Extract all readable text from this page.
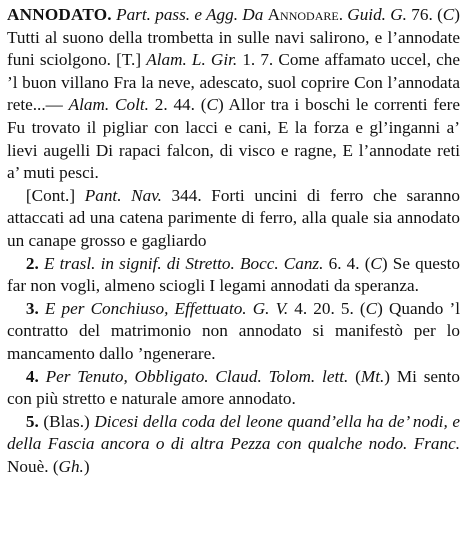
ANNODATO. Part. pass. e Agg. Da Annodare. Guid. G. 76. (C) Tutti al suono della trombetta in sulle navi salirono, e l’annodate funi sciolgono. [T.] Alam. L. Gir. 1. 7. Come affamato uccel, che ’l buon villano Fra la neve, adescato, suol coprire Con l’annodata rete...— Alam. Colt. 2. 44. (C) Allor tra i boschi le correnti fere Fu trovato il pigliar con lacci e cani, E la forza e gl’inganni a’ lievi augelli Di rapaci falcon, di visco e ragne, E l’annodate reti a’ muti pesci.

[Cont.] Pant. Nav. 344. Forti uncini di ferro che saranno attaccati ad una catena parimente di ferro, alla quale sia annodato un canape grosso e gagliardo

2. E trasl. in signif. di Stretto. Bocc. Canz. 6. 4. (C) Se questo far non vogli, almeno sciogli I legami annodati da speranza.

3. E per Conchiuso, Effettuato. G. V. 4. 20. 5. (C) Quando ’l contratto del matrimonio non annodato si manifestò per lo mancamento dallo ’ngenerare.

4. Per Tenuto, Obbligato. Claud. Tolom. lett. (Mt.) Mi sento con più stretto e naturale amore annodato.

5. (Blas.) Dicesi della coda del leone quand’ella ha de’ nodi, e della Fascia ancora o di altra Pezza con qualche nodo. Franc. Nouè. (Gh.)
